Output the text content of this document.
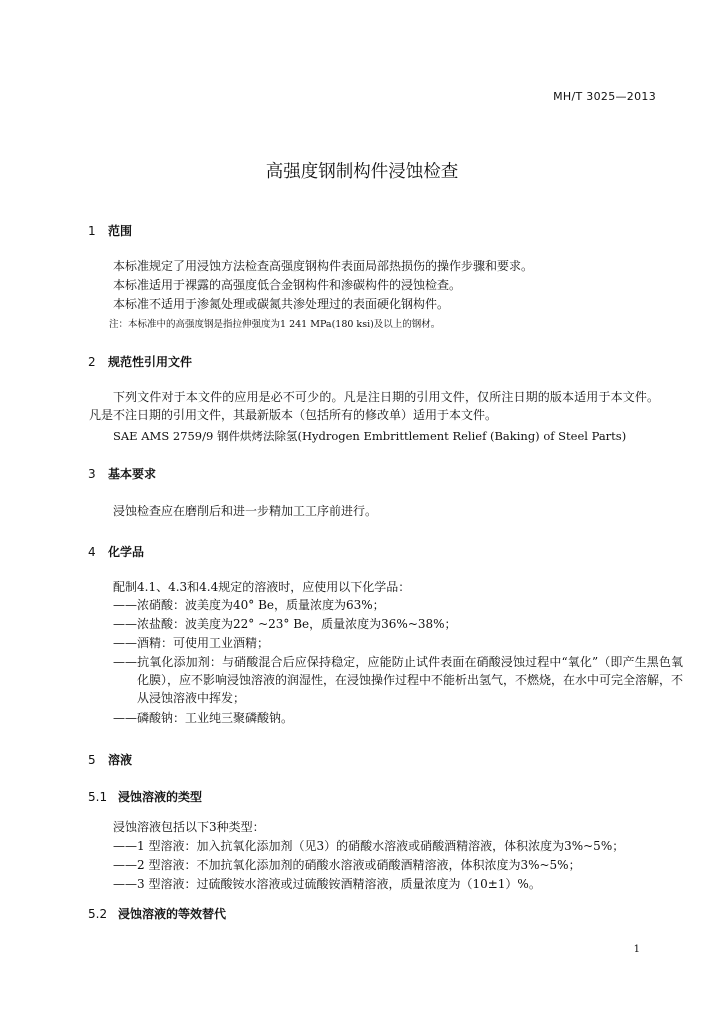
MH/T 3025—2013
高强度钢制构件浸蚀检查
1 范围
本标准规定了用浸蚀方法检查高强度钢构件表面局部热损伤的操作步骤和要求。
本标准适用于裸露的高强度低合金钢构件和渗碳构件的浸蚀检查。
本标准不适用于渗氮处理或碳氮共渗处理过的表面硬化钢构件。
注：本标准中的高强度钢是指拉伸强度为1 241 MPa(180 ksi)及以上的钢材。
2 规范性引用文件
下列文件对于本文件的应用是必不可少的。凡是注日期的引用文件，仅所注日期的版本适用于本文件。凡是不注日期的引用文件，其最新版本（包括所有的修改单）适用于本文件。
SAE AMS 2759/9 钢件烘烤法除氢(Hydrogen Embrittlement Relief (Baking) of Steel Parts)
3 基本要求
浸蚀检查应在磨削后和进一步精加工工序前进行。
4 化学品
配制4.1、4.3和4.4规定的溶液时，应使用以下化学品：
——浓硝酸：波美度为40° Be，质量浓度为63%；
——浓盐酸：波美度为22° ~23° Be，质量浓度为36%~38%；
——酒精：可使用工业酒精；
——抗氧化添加剂：与硝酸混合后应保持稳定，应能防止试件表面在硝酸浸蚀过程中“氧化”（即产生黑色氧化膜），应不影响浸蚀溶液的润湿性，在浸蚀操作过程中不能析出氢气，不燃烧，在水中可完全溶解，不从浸蚀溶液中挥发；
——磷酸钠：工业纯三聚磷酸钠。
5 溶液
5.1 浸蚀溶液的类型
浸蚀溶液包括以下3种类型：
——1 型溶液：加入抗氧化添加剂（见3）的硝酸水溶液或硝酸酒精溶液，体积浓度为3%~5%；
——2 型溶液：不加抗氧化添加剂的硝酸水溶液或硝酸酒精溶液，体积浓度为3%~5%；
——3 型溶液：过硫酸铵水溶液或过硫酸铵酒精溶液，质量浓度为（10±1）%。
5.2 浸蚀溶液的等效替代
1
